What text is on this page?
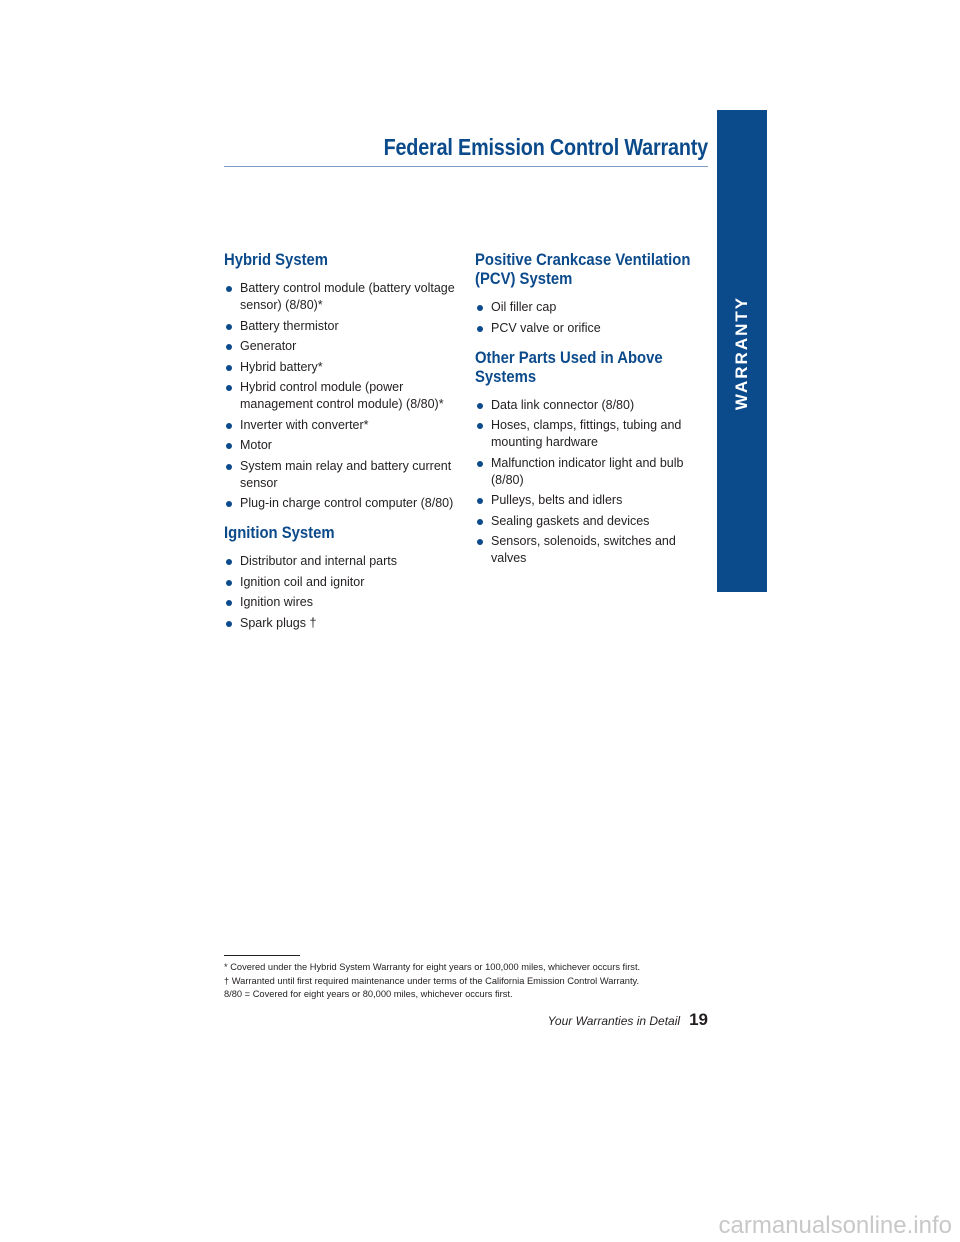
Federal Emission Control Warranty
WARRANTY
Hybrid System
Battery control module (battery voltage sensor) (8/80)*
Battery thermistor
Generator
Hybrid battery*
Hybrid control module (power management control module) (8/80)*
Inverter with converter*
Motor
System main relay and battery current sensor
Plug-in charge control computer (8/80)
Ignition System
Distributor and internal parts
Ignition coil and ignitor
Ignition wires
Spark plugs †
Positive Crankcase Ventilation
(PCV) System
Oil filler cap
PCV valve or orifice
Other Parts Used in Above
Systems
Data link connector (8/80)
Hoses, clamps, fittings, tubing and mounting hardware
Malfunction indicator light and bulb (8/80)
Pulleys, belts and idlers
Sealing gaskets and devices
Sensors, solenoids, switches and valves
* Covered under the Hybrid System Warranty for eight years or 100,000 miles, whichever occurs first.
† Warranted until first required maintenance under terms of the California Emission Control Warranty.
8/80 = Covered for eight years or 80,000 miles, whichever occurs first.
Your Warranties in Detail 19
carmanualsonline.info
